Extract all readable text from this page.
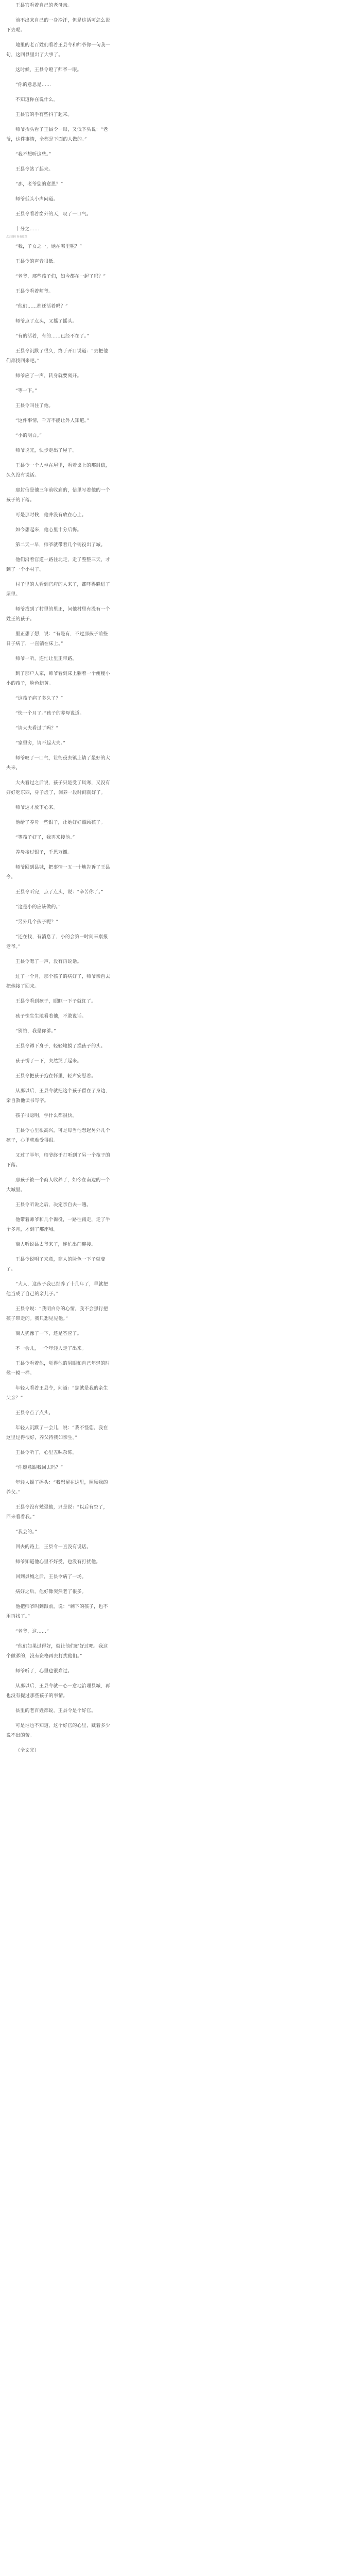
王县官看着自己的老母亲。

前不出来自己的一身冷汗，但是这话可怎么说下去呢。

地里的老百姓们看着王县令和师爷你一句我一句，这回县里出了大事了。

这时候，王县令瞪了师爷一眼。

“你的意思是……

不知道你在说什么。

王县官的手有些抖了起来。

师爷抬头看了王县令一眼，又低下头说：“老爷，这件事情，全都是下面的人做的。”

“我不想听这些。”

王县令站了起来。

“那，老爷您的意思？”

师爷低头小声问道。

王县令看着窗外的天，叹了一口气。

十分之……

点击图片查看原图

“我，子女之一，她在哪里呢？”

王县令的声音很低。

“老爷，那些孩子们，如今都在一起了吗？”

王县令看着师爷。

“他们……都还活着吗？”

师爷点了点头，又摇了摇头。

“有的活着，有的……已经不在了。”

王县令沉默了很久，终于开口说道：“去把他们都找回来吧。”

师爷应了一声，转身就要离开。

“等一下。”

王县令叫住了他。

“这件事情，千万不能让外人知道。”

“小的明白。”

师爷说完，快步走出了屋子。

王县令一个人坐在屋里，看着桌上的那封信，久久没有说话。

那封信是他三年前收到的，信里写着他的一个孩子的下落。

可是那时候，他并没有放在心上。

如今想起来，他心里十分后悔。

第二天一早，师爷就带着几个衙役出了城。

他们沿着官道一路往北走，走了整整三天，才到了一个小村子。

村子里的人看到官府的人来了，都吓得躲进了屋里。

师爷找到了村里的里正，问他村里有没有一个姓王的孩子。

里正想了想，说：“有是有，不过那孩子前些日子病了，一直躺在床上。”

师爷一听，连忙让里正带路。

到了那户人家，师爷看到床上躺着一个瘦瘦小小的孩子，脸色蜡黄。

“这孩子病了多久了？”

“快一个月了。”孩子的养母说道。

“请大夫看过了吗？”

“家里穷，请不起大夫。”

师爷叹了一口气，让衙役去镇上请了最好的大夫来。

大夫看过之后说，孩子只是受了风寒，又没有好好吃东西，身子虚了，调养一段时间就好了。

师爷这才放下心来。

他给了养母一些银子，让她好好照顾孩子。

“等孩子好了，我再来接他。”

养母接过银子，千恩万谢。

师爷回到县城，把事情一五一十地告诉了王县令。

王县令听完，点了点头，说：“辛苦你了。”

“这是小的应该做的。”

“另外几个孩子呢？”

“还在找，有消息了，小的会第一时间来禀报老爷。”

王县令嗯了一声，没有再说话。

过了一个月，那个孩子的病好了，师爷亲自去把他接了回来。

王县令看到孩子，眼眶一下子就红了。

孩子怯生生地看着他，不敢说话。

“别怕，我是你爹。”

王县令蹲下身子，轻轻地摸了摸孩子的头。

孩子愣了一下，突然哭了起来。

王县令把孩子抱在怀里，轻声安慰着。

从那以后，王县令就把这个孩子留在了身边，亲自教他读书写字。

孩子很聪明，学什么都很快。

王县令心里很高兴，可是每当他想起另外几个孩子，心里就难受得很。

又过了半年，师爷终于打听到了另一个孩子的下落。

那孩子被一个商人收养了，如今在南边的一个大城里。

王县令听说之后，决定亲自去一趟。

他带着师爷和几个衙役，一路往南走，走了半个多月，才到了那座城。

商人听说县太爷来了，连忙出门迎接。

王县令说明了来意，商人的脸色一下子就变了。

“大人，这孩子我已经养了十几年了，早就把他当成了自己的亲儿子。”

王县令说：“我明白你的心情，我不会强行把孩子带走的。我只想见见他。”

商人犹豫了一下，还是答应了。

不一会儿，一个年轻人走了出来。

王县令看着他，觉得他的眉眼和自己年轻的时候一模一样。

年轻人看着王县令，问道：“您就是我的亲生父亲？”

王县令点了点头。

年轻人沉默了一会儿，说：“我不怪您。我在这里过得很好，养父待我如亲生。”

王县令听了，心里五味杂陈。

“你愿意跟我回去吗？”

年轻人摇了摇头：“我想留在这里，照顾我的养父。”

王县令没有勉强他，只是说：“以后有空了，回来看看我。”

“我会的。”

回去的路上，王县令一直没有说话。

师爷知道他心里不好受，也没有打扰他。

回到县城之后，王县令病了一场。

病好之后，他好像突然老了很多。

他把师爷叫到跟前，说：“剩下的孩子，也不用再找了。”

“老爷，这……”

“他们如果过得好，就让他们好好过吧。我这个做爹的，没有资格再去打扰他们。”

师爷听了，心里也很难过。

从那以后，王县令就一心一意地治理县城，再也没有提过那些孩子的事情。

县里的老百姓都说，王县令是个好官。

可是谁也不知道，这个好官的心里，藏着多少说不出的苦。

（全文完）
